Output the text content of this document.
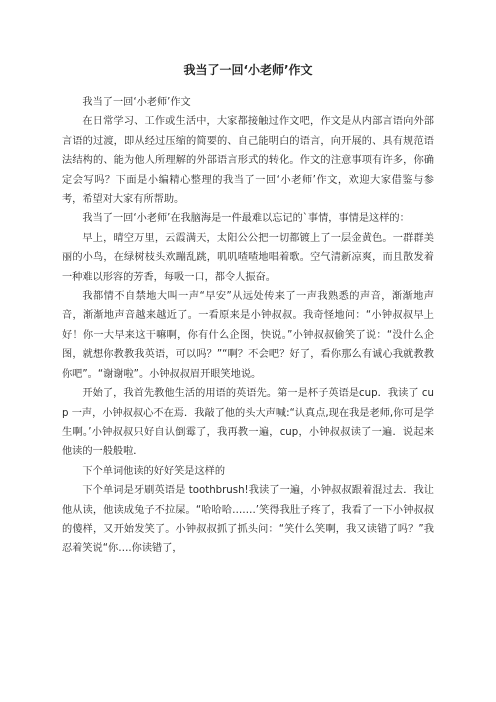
我当了一回‘小老师’作文

我当了一回‘小老师’作文

在日常学习、工作或生活中，大家都接触过作文吧，作文是从内部言语向外部言语的过渡，即从经过压缩的简要的、自己能明白的语言，向开展的、具有规范语法结构的、能为他人所理解的外部语言形式的转化。作文的注意事项有许多，你确定会写吗？下面是小编精心整理的我当了一回‘小老师’作文，欢迎大家借鉴与参考，希望对大家有所帮助。

我当了一回‘小老师’在我脑海是一件最难以忘记的`事情，事情是这样的：

早上，晴空万里，云霞满天，太阳公公把一切都镀上了一层金黄色。一群群美丽的小鸟，在绿树枝头欢蹦乱跳，叽叽喳喳地唱着歌。空气清新凉爽，而且散发着一种难以形容的芳香，每吸一口，都令人振奋。

我都情不自禁地大叫一声“早安”从远处传来了一声我熟悉的声音，渐渐地声音，渐渐地声音越来越近了。一看原来是小钟叔叔。我奇怪地问：“小钟叔叔早上好！你一大早来这干嘛啊，你有什么企图，快说。”小钟叔叔偷笑了说：“没什么企图，就想你教教我英语，可以吗？”“啊？不会吧？好了，看你那么有诚心我就教教你吧”。“谢谢啦”。小钟叔叔眉开眼笑地说。

开始了，我首先教他生活的用语的英语先。第一是杯子英语是cup．我读了 cup 一声，小钟叔叔心不在焉．我敲了他的头大声喊:“认真点,现在我是老师,你可是学生啊。’小钟叔叔只好自认倒霉了，我再教一遍，cup，小钟叔叔读了一遍．说起来他读的一般般啦．

下个单词他读的好好笑是这样的

下个单词是牙刷英语是 toothbrush!我读了一遍，小钟叔叔跟着混过去．我让他从读，他读成兔子不拉屎。“哈哈哈…….’笑得我肚子疼了，我看了一下小钟叔叔的傻样，又开始发笑了。小钟叔叔抓了抓头问：“笑什么笑啊，我又读错了吗？”我忍着笑说“你….你读错了，
